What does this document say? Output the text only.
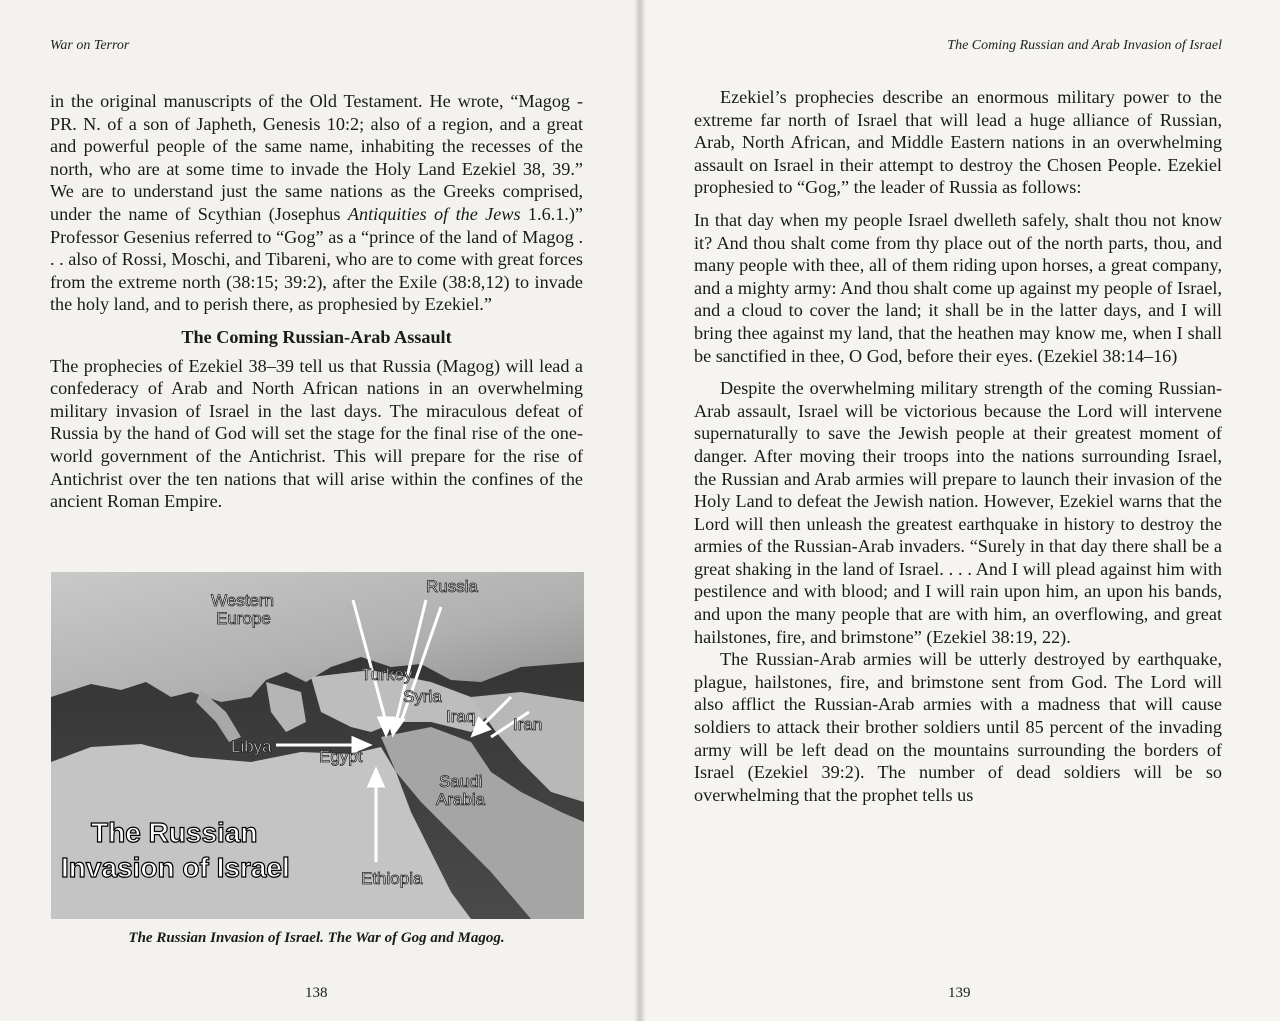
War on Terror

in the original manuscripts of the Old Testament. He wrote, “Magog - PR. N. of a son of Japheth, Genesis 10:2; also of a region, and a great and powerful people of the same name, inhabiting the recesses of the north, who are at some time to invade the Holy Land Ezekiel 38, 39.” We are to understand just the same nations as the Greeks comprised, under the name of Scythian (Josephus Antiquities of the Jews 1.6.1.)” Professor Gesenius referred to “Gog” as a “prince of the land of Magog . . . also of Rossi, Moschi, and Tibareni, who are to come with great forces from the extreme north (38:15; 39:2), after the Exile (38:8,12) to invade the holy land, and to perish there, as prophesied by Ezekiel.”

The Coming Russian-Arab Assault

The prophecies of Ezekiel 38–39 tell us that Russia (Magog) will lead a confederacy of Arab and North African nations in an overwhelming military invasion of Israel in the last days. The miraculous defeat of Russia by the hand of God will set the stage for the final rise of the one-world government of the Antichrist. This will prepare for the rise of Antichrist over the ten nations that will arise within the confines of the ancient Roman Empire.

Western
Europe
Russia
Turkey
Syria
Iraq Iran
Libya
Egypt
Saudi
Arabia
Ethiopia
The Russian
Invasion of Israel
The Russian Invasion of Israel. The War of Gog and Magog.
138
The Coming Russian and Arab Invasion of Israel
139

Ezekiel’s prophecies describe an enormous military power to the extreme far north of Israel that will lead a huge alliance of Russian, Arab, North African, and Middle Eastern nations in an overwhelming assault on Israel in their attempt to destroy the Chosen People. Ezekiel prophesied to “Gog,” the leader of Russia as follows:

In that day when my people Israel dwelleth safely, shalt thou not know it? And thou shalt come from thy place out of the north parts, thou, and many people with thee, all of them riding upon horses, a great company, and a mighty army: And thou shalt come up against my people of Israel, and a cloud to cover the land; it shall be in the latter days, and I will bring thee against my land, that the heathen may know me, when I shall be sanctified in thee, O God, before their eyes. (Ezekiel 38:14–16)

Despite the overwhelming military strength of the coming Russian-Arab assault, Israel will be victorious because the Lord will intervene supernaturally to save the Jewish people at their greatest moment of danger. After moving their troops into the nations surrounding Israel, the Russian and Arab armies will prepare to launch their invasion of the Holy Land to defeat the Jewish nation. However, Ezekiel warns that the Lord will then unleash the greatest earthquake in history to destroy the armies of the Russian-Arab invaders. “Surely in that day there shall be a great shaking in the land of Israel. . . . And I will plead against him with pestilence and with blood; and I will rain upon him, an upon his bands, and upon the many people that are with him, an overflowing, and great hailstones, fire, and brimstone” (Ezekiel 38:19, 22).

The Russian-Arab armies will be utterly destroyed by earthquake, plague, hailstones, fire, and brimstone sent from God. The Lord will also afflict the Russian-Arab armies with a madness that will cause soldiers to attack their brother soldiers until 85 percent of the invading army will be left dead on the mountains surrounding the borders of Israel (Ezekiel 39:2). The number of dead soldiers will be so overwhelming that the prophet tells us
